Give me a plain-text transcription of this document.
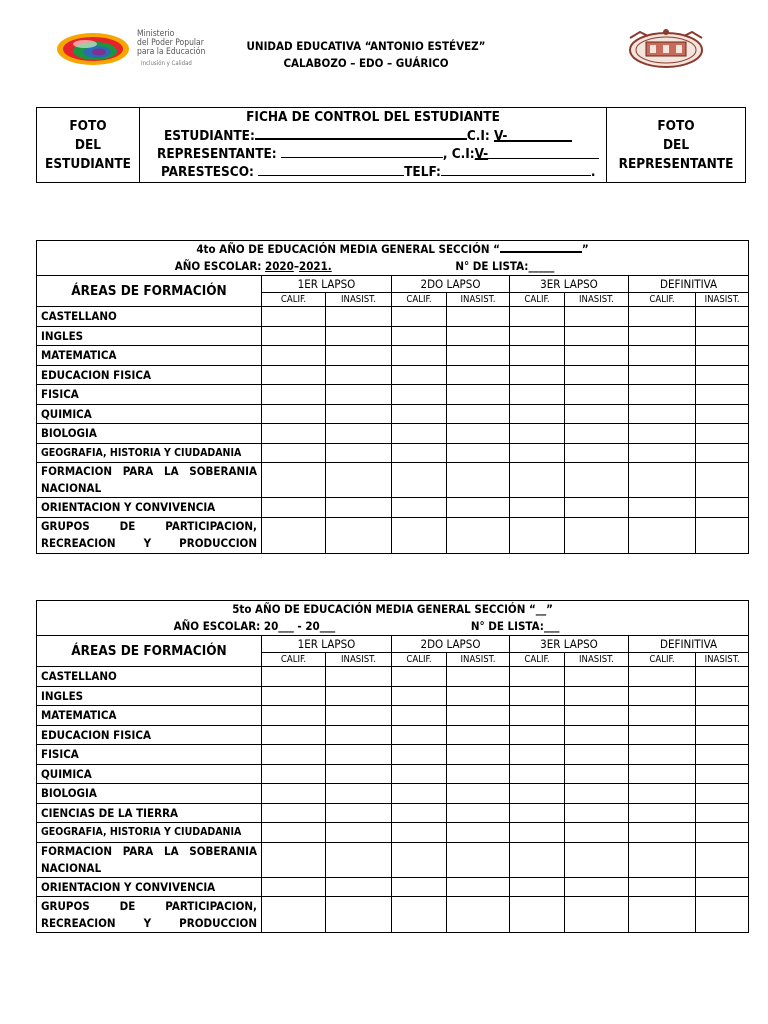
Ministerio
del Poder Popular
para la Educación
Inclusión y Calidad
UNIDAD EDUCATIVA “ANTONIO ESTÉVEZ”
CALABOZO – EDO – GUÁRICO
FOTO
DEL
ESTUDIANTE
FICHA DE CONTROL DEL ESTUDIANTE
ESTUDIANTE:	C.I: V-
REPRESENTANTE:	, C.I:V-
PARESTESCO:	TELF:	.
FOTO
DEL
REPRESENTANTE
4to AÑO DE EDUCACIÓN MEDIA GENERAL SECCIÓN “ ”
AÑO ESCOLAR: 2020–2021. N° DE LISTA:_____								

ÁREAS DE FORMACIÓN	1ER LAPSO		2DO LAPSO		3ER LAPSO		DEFINITIVA	
	CALIF.	INASIST.	CALIF.	INASIST.	CALIF.	INASIST.	CALIF.	INASIST.
CASTELLANO								
INGLES								
MATEMATICA								
EDUCACION FISICA								
FISICA								
QUIMICA								
BIOLOGIA								
GEOGRAFIA, HISTORIA Y CIUDADANIA								
FORMACION PARA LA SOBERANIA NACIONAL								
ORIENTACION Y CONVIVENCIA								
GRUPOS DE PARTICIPACION, RECREACION Y PRODUCCION								
5to AÑO DE EDUCACIÓN MEDIA GENERAL SECCIÓN “__”
AÑO ESCOLAR: 20___ - 20___ N° DE LISTA:___								

ÁREAS DE FORMACIÓN	1ER LAPSO		2DO LAPSO		3ER LAPSO		DEFINITIVA	
	CALIF.	INASIST.	CALIF.	INASIST.	CALIF.	INASIST.	CALIF.	INASIST.
CASTELLANO								
INGLES								
MATEMATICA								
EDUCACION FISICA								
FISICA								
QUIMICA								
BIOLOGIA								
CIENCIAS DE LA TIERRA								
GEOGRAFIA, HISTORIA Y CIUDADANIA								
FORMACION PARA LA SOBERANIA NACIONAL								
ORIENTACION Y CONVIVENCIA								
GRUPOS DE PARTICIPACION, RECREACION Y PRODUCCION								
